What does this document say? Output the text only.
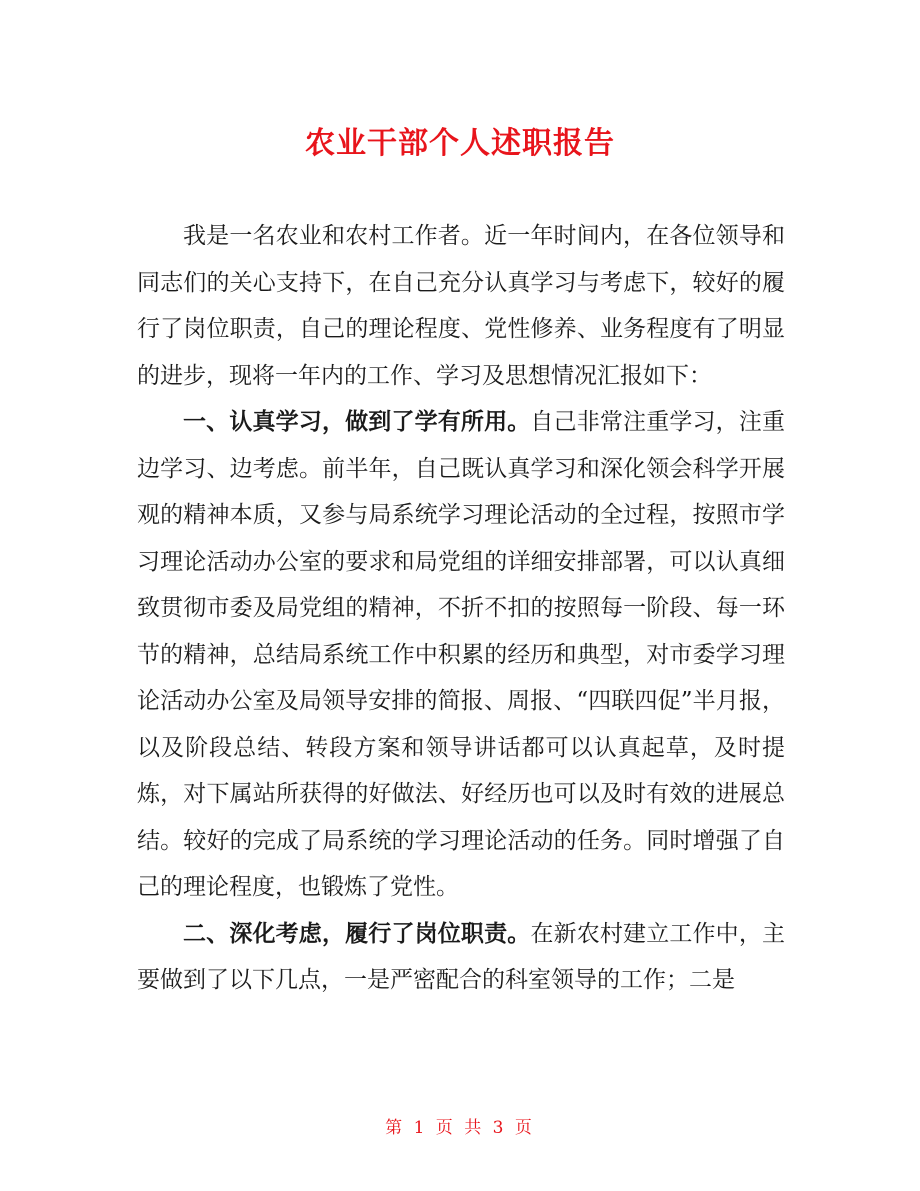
农业干部个人述职报告

我是一名农业和农村工作者。近一年时间内，在各位领导和同志们的关心支持下，在自己充分认真学习与考虑下，较好的履行了岗位职责，自己的理论程度、党性修养、业务程度有了明显的进步，现将一年内的工作、学习及思想情况汇报如下：

一、认真学习，做到了学有所用。自己非常注重学习，注重边学习、边考虑。前半年，自己既认真学习和深化领会科学开展观的精神本质，又参与局系统学习理论活动的全过程，按照市学习理论活动办公室的要求和局党组的详细安排部署，可以认真细致贯彻市委及局党组的精神，不折不扣的按照每一阶段、每一环节的精神，总结局系统工作中积累的经历和典型，对市委学习理论活动办公室及局领导安排的简报、周报、“四联四促”半月报，以及阶段总结、转段方案和领导讲话都可以认真起草，及时提炼，对下属站所获得的好做法、好经历也可以及时有效的进展总结。较好的完成了局系统的学习理论活动的任务。同时增强了自己的理论程度，也锻炼了党性。

二、深化考虑，履行了岗位职责。在新农村建立工作中，主要做到了以下几点，一是严密配合的科室领导的工作；二是

第 1 页 共 3 页
